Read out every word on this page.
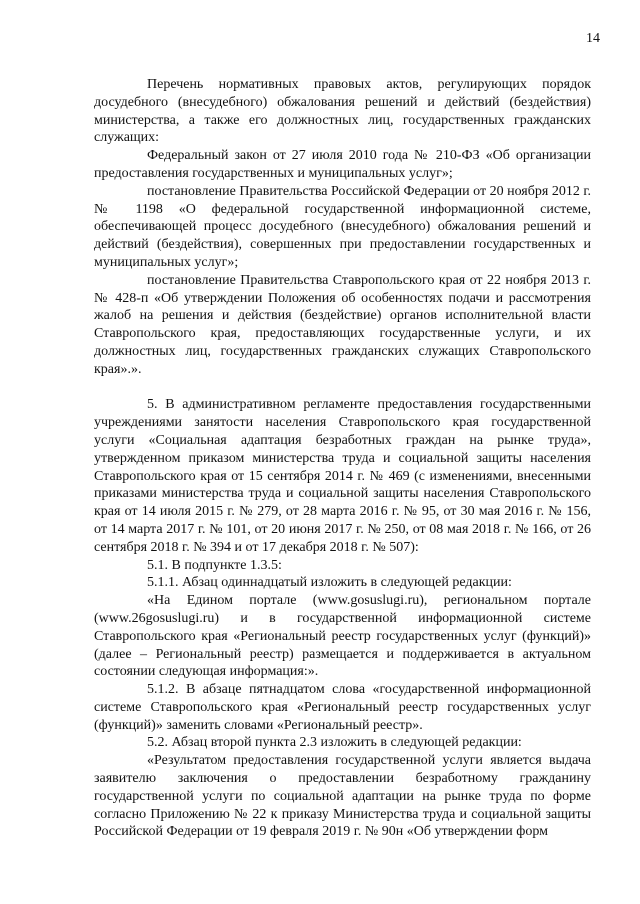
14

Перечень нормативных правовых актов, регулирующих порядок досудебного (внесудебного) обжалования решений и действий (бездействия) министерства, а также его должностных лиц, государственных гражданских служащих:

Федеральный закон от 27 июля 2010 года № 210-ФЗ «Об организации предоставления государственных и муниципальных услуг»;

постановление Правительства Российской Федерации от 20 ноября 2012 г. № 1198 «О федеральной государственной информационной системе, обеспечивающей процесс досудебного (внесудебного) обжалования решений и действий (бездействия), совершенных при предоставлении государственных и муниципальных услуг»;

постановление Правительства Ставропольского края от 22 ноября 2013 г. № 428-п «Об утверждении Положения об особенностях подачи и рассмотрения жалоб на решения и действия (бездействие) органов исполнительной власти Ставропольского края, предоставляющих государственные услуги, и их должностных лиц, государственных гражданских служащих Ставропольского края».».

5. В административном регламенте предоставления государственными учреждениями занятости населения Ставропольского края государственной услуги «Социальная адаптация безработных граждан на рынке труда», утвержденном приказом министерства труда и социальной защиты населения Ставропольского края от 15 сентября 2014 г. № 469 (с изменениями, внесенными приказами министерства труда и социальной защиты населения Ставропольского края от 14 июля 2015 г. № 279, от 28 марта 2016 г. № 95, от 30 мая 2016 г. № 156, от 14 марта 2017 г. № 101, от 20 июня 2017 г. № 250, от 08 мая 2018 г. № 166, от 26 сентября 2018 г. № 394 и от 17 декабря 2018 г. № 507):

5.1. В подпункте 1.3.5:

5.1.1. Абзац одиннадцатый изложить в следующей редакции:

«На Едином портале (www.gosuslugi.ru), региональном портале (www.26gosuslugi.ru) и в государственной информационной системе Ставропольского края «Региональный реестр государственных услуг (функций)» (далее – Региональный реестр) размещается и поддерживается в актуальном состоянии следующая информация:».

5.1.2. В абзаце пятнадцатом слова «государственной информационной системе Ставропольского края «Региональный реестр государственных услуг (функций)» заменить словами «Региональный реестр».

5.2. Абзац второй пункта 2.3 изложить в следующей редакции:

«Результатом предоставления государственной услуги является выдача заявителю заключения о предоставлении безработному гражданину государственной услуги по социальной адаптации на рынке труда по форме согласно Приложению № 22 к приказу Министерства труда и социальной защиты Российской Федерации от 19 февраля 2019 г. № 90н «Об утверждении форм
